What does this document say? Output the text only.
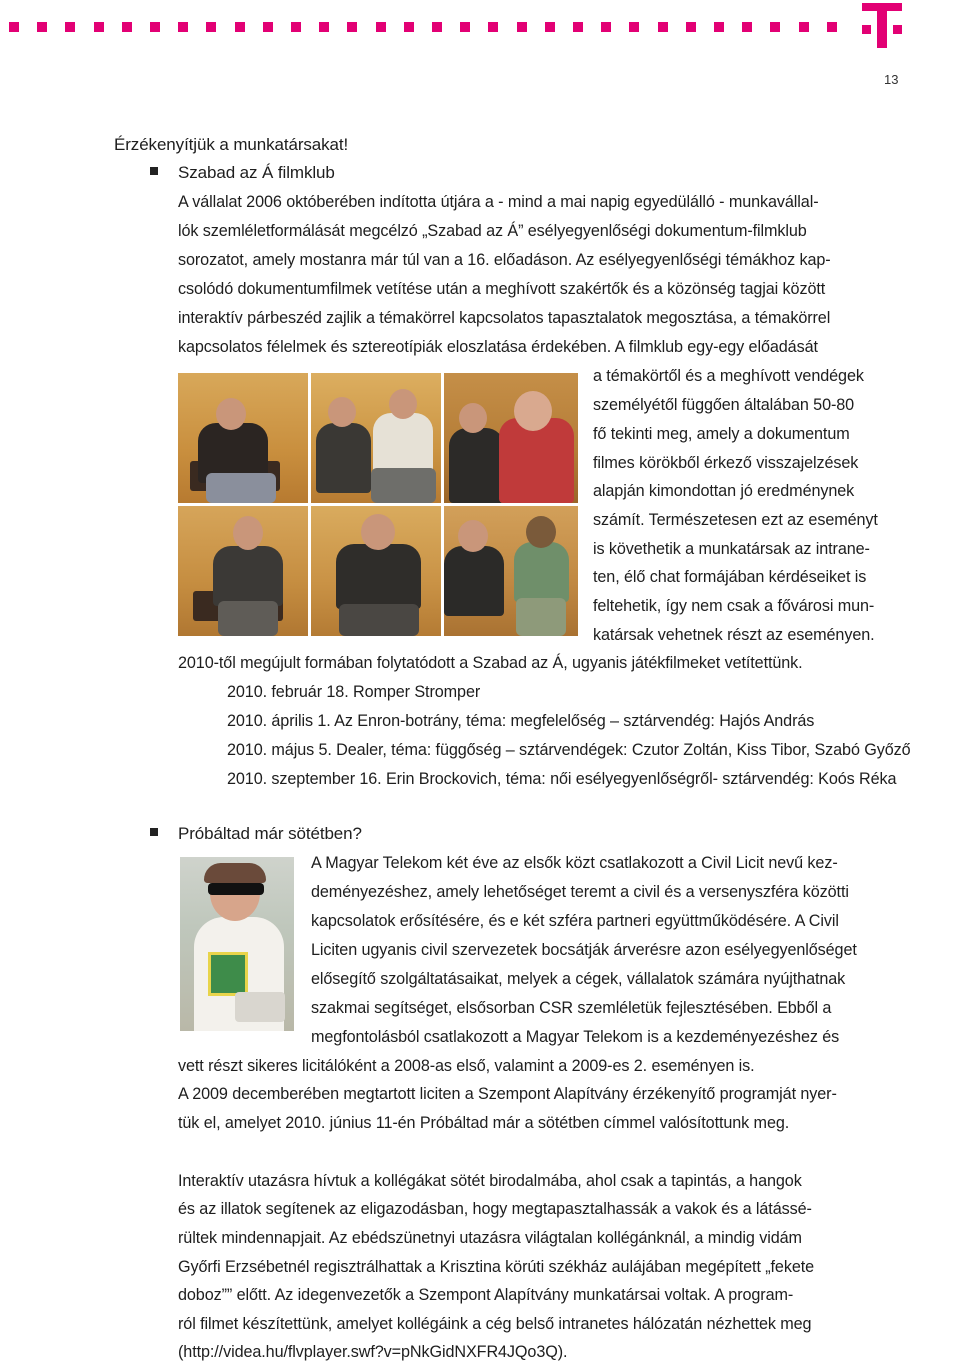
13
Érzékenyítjük a munkatársakat!
Szabad az Á filmklub
A vállalat 2006 októberében indította útjára a - mind a mai napig egyedülálló - munkavállal-
lók szemléletformálását megcélzó „Szabad az Á” esélyegyenlőségi dokumentum-filmklub
sorozatot, amely mostanra már túl van a 16. előadáson. Az esélyegyenlőségi témákhoz kap-
csolódó dokumentumfilmek vetítése után a meghívott szakértők és a közönség tagjai között
interaktív párbeszéd zajlik a témakörrel kapcsolatos tapasztalatok megosztása, a témakörrel
kapcsolatos félelmek és sztereotípiák eloszlatása érdekében. A filmklub egy-egy előadását
a témakörtől és a meghívott vendégek
személyétől függően általában 50-80
fő tekinti meg, amely a dokumentum
filmes körökből érkező visszajelzések
alapján kimondottan jó eredménynek
számít. Természetesen ezt az eseményt
is követhetik a munkatársak az intrane-
ten, élő chat formájában kérdéseiket is
feltehetik, így nem csak a fővárosi mun-
katársak vehetnek részt az eseményen.
2010-től megújult formában folytatódott a Szabad az Á, ugyanis játékfilmeket vetítettünk.
2010. február 18. Romper Stromper
2010. április 1. Az Enron-botrány, téma: megfelelőség – sztárvendég: Hajós András
2010. május 5. Dealer, téma: függőség – sztárvendégek: Czutor Zoltán, Kiss Tibor, Szabó Győző
2010. szeptember 16. Erin Brockovich, téma: női esélyegyenlőségről- sztárvendég: Koós Réka
Próbáltad már sötétben?
A Magyar Telekom két éve az elsők közt csatlakozott a Civil Licit nevű kez-
deményezéshez, amely lehetőséget teremt a civil és a versenyszféra közötti
kapcsolatok erősítésére, és e két szféra partneri együttműködésére. A Civil
Liciten ugyanis civil szervezetek bocsátják árverésre azon esélyegyenlőséget
elősegítő szolgáltatásaikat, melyek a cégek, vállalatok számára nyújthatnak
szakmai segítséget, elsősorban CSR szemléletük fejlesztésében. Ebből a
megfontolásból csatlakozott a Magyar Telekom is a kezdeményezéshez és
vett részt sikeres licitálóként a 2008-as első, valamint a 2009-es 2. eseményen is.
A 2009 decemberében megtartott liciten a Szempont Alapítvány érzékenyítő programját nyer-
tük el, amelyet 2010. június 11-én Próbáltad már a sötétben címmel valósítottunk meg.
Interaktív utazásra hívtuk a kollégákat sötét birodalmába, ahol csak a tapintás, a hangok
és az illatok segítenek az eligazodásban, hogy megtapasztalhassák a vakok és a látássé-
rültek mindennapjait. Az ebédszünetnyi utazásra világtalan kollégánknál, a mindig vidám
Győrfi Erzsébetnél regisztrálhattak a Krisztina körúti székház aulájában megépített „fekete
doboz”” előtt. Az idegenvezetők a Szempont Alapítvány munkatársai voltak. A program-
ról filmet készítettünk, amelyet kollégáink a cég belső intranetes hálózatán nézhettek meg
(http://videa.hu/flvplayer.swf?v=pNkGidNXFR4JQo3Q).
